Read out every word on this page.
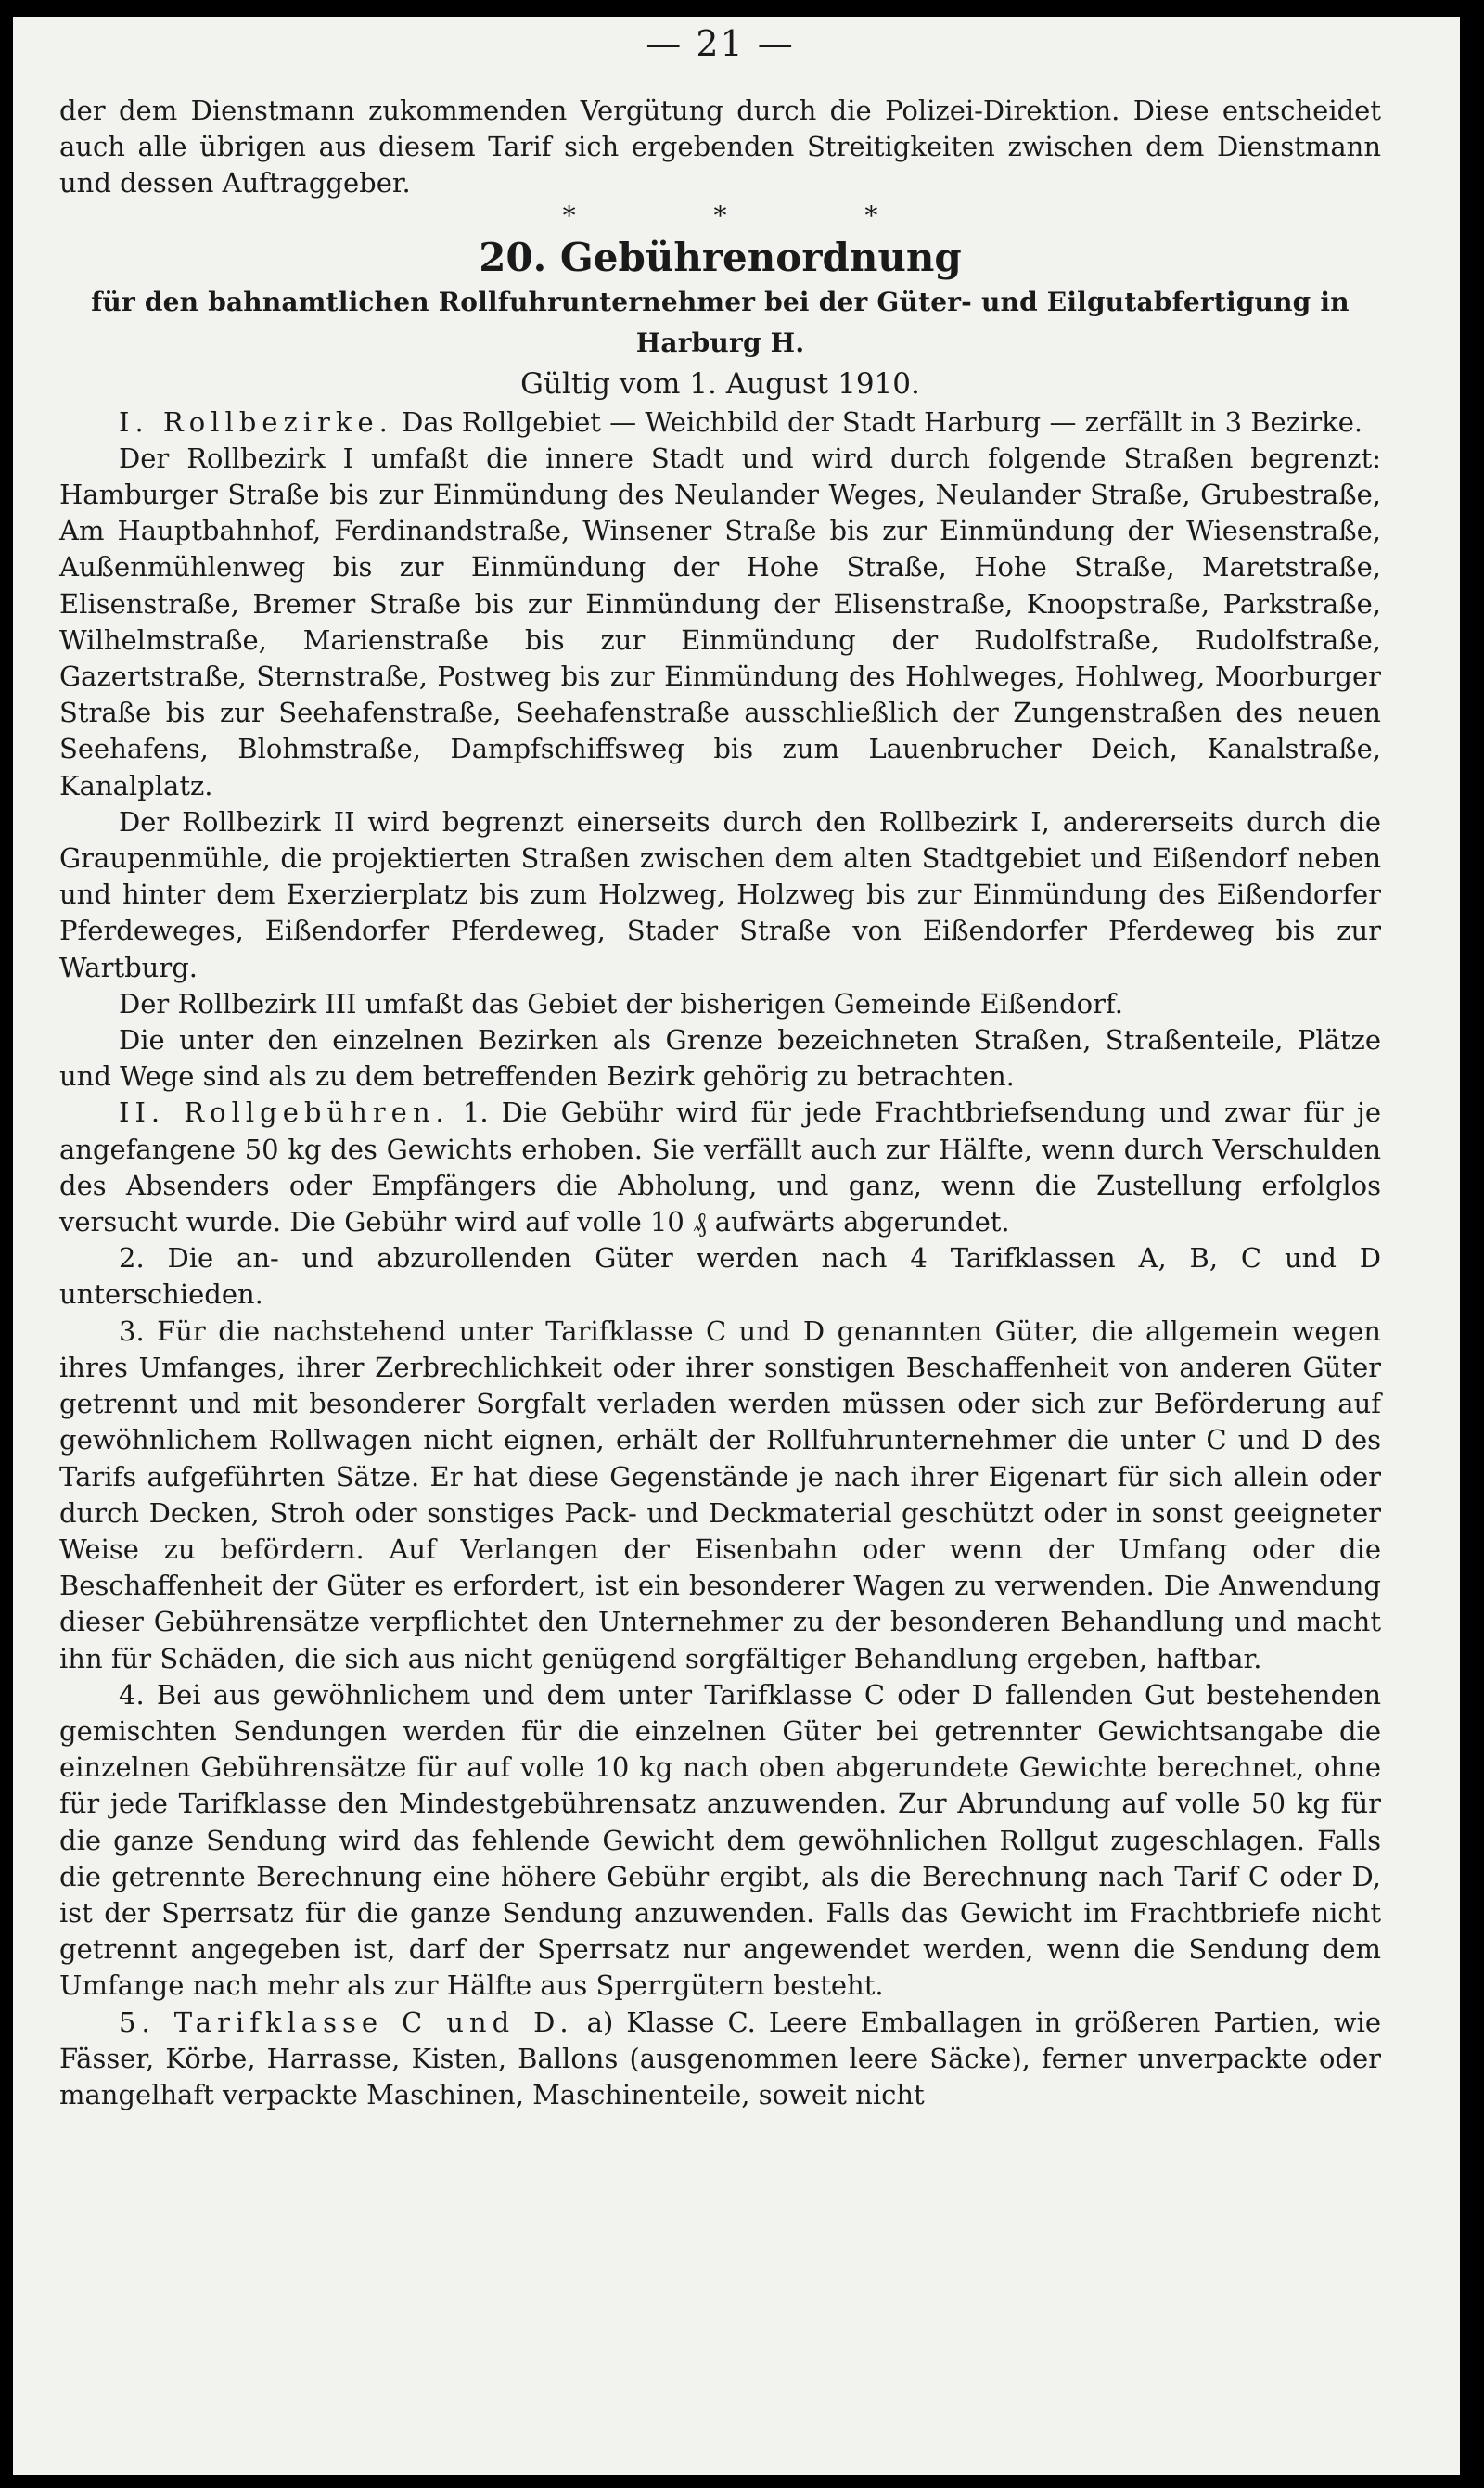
— 21 —

der dem Dienstmann zukommenden Vergütung durch die Polizei-Direktion. Diese entscheidet auch alle übrigen aus diesem Tarif sich ergebenden Streitigkeiten zwischen dem Dienstmann und dessen Auftraggeber.

* * *

20. Gebührenordnung

für den bahnamtlichen Rollfuhrunternehmer bei der Güter- und Eilgutabfertigung in Harburg H.

Gültig vom 1. August 1910.

I. Rollbezirke. Das Rollgebiet — Weichbild der Stadt Harburg — zerfällt in 3 Bezirke.

Der Rollbezirk I umfaßt die innere Stadt und wird durch folgende Straßen begrenzt: Hamburger Straße bis zur Einmündung des Neulander Weges, Neulander Straße, Grubestraße, Am Hauptbahnhof, Ferdinandstraße, Winsener Straße bis zur Einmündung der Wiesenstraße, Außenmühlenweg bis zur Einmündung der Hohe Straße, Hohe Straße, Maretstraße, Elisenstraße, Bremer Straße bis zur Einmündung der Elisenstraße, Knoopstraße, Parkstraße, Wilhelmstraße, Marienstraße bis zur Einmündung der Rudolfstraße, Rudolfstraße, Gazertstraße, Sternstraße, Postweg bis zur Einmündung des Hohlweges, Hohlweg, Moorburger Straße bis zur Seehafenstraße, Seehafenstraße ausschließlich der Zungenstraßen des neuen Seehafens, Blohmstraße, Dampfschiffsweg bis zum Lauenbrucher Deich, Kanalstraße, Kanalplatz.

Der Rollbezirk II wird begrenzt einerseits durch den Rollbezirk I, andererseits durch die Graupenmühle, die projektierten Straßen zwischen dem alten Stadtgebiet und Eißendorf neben und hinter dem Exerzierplatz bis zum Holzweg, Holzweg bis zur Einmündung des Eißendorfer Pferdeweges, Eißendorfer Pferdeweg, Stader Straße von Eißendorfer Pferdeweg bis zur Wartburg.

Der Rollbezirk III umfaßt das Gebiet der bisherigen Gemeinde Eißendorf.

Die unter den einzelnen Bezirken als Grenze bezeichneten Straßen, Straßenteile, Plätze und Wege sind als zu dem betreffenden Bezirk gehörig zu betrachten.

II. Rollgebühren. 1. Die Gebühr wird für jede Frachtbriefsendung und zwar für je angefangene 50 kg des Gewichts erhoben. Sie verfällt auch zur Hälfte, wenn durch Verschulden des Absenders oder Empfängers die Abholung, und ganz, wenn die Zustellung erfolglos versucht wurde. Die Gebühr wird auf volle 10 ₰ aufwärts abgerundet.

2. Die an- und abzurollenden Güter werden nach 4 Tarifklassen A, B, C und D unterschieden.

3. Für die nachstehend unter Tarifklasse C und D genannten Güter, die allgemein wegen ihres Umfanges, ihrer Zerbrechlichkeit oder ihrer sonstigen Beschaffenheit von anderen Güter getrennt und mit besonderer Sorgfalt verladen werden müssen oder sich zur Beförderung auf gewöhnlichem Rollwagen nicht eignen, erhält der Rollfuhrunternehmer die unter C und D des Tarifs aufgeführten Sätze. Er hat diese Gegenstände je nach ihrer Eigenart für sich allein oder durch Decken, Stroh oder sonstiges Pack- und Deckmaterial geschützt oder in sonst geeigneter Weise zu befördern. Auf Verlangen der Eisenbahn oder wenn der Umfang oder die Beschaffenheit der Güter es erfordert, ist ein besonderer Wagen zu verwenden. Die Anwendung dieser Gebührensätze verpflichtet den Unternehmer zu der besonderen Behandlung und macht ihn für Schäden, die sich aus nicht genügend sorgfältiger Behandlung ergeben, haftbar.

4. Bei aus gewöhnlichem und dem unter Tarifklasse C oder D fallenden Gut bestehenden gemischten Sendungen werden für die einzelnen Güter bei getrennter Gewichtsangabe die einzelnen Gebührensätze für auf volle 10 kg nach oben abgerundete Gewichte berechnet, ohne für jede Tarifklasse den Mindestgebührensatz anzuwenden. Zur Abrundung auf volle 50 kg für die ganze Sendung wird das fehlende Gewicht dem gewöhnlichen Rollgut zugeschlagen. Falls die getrennte Berechnung eine höhere Gebühr ergibt, als die Berechnung nach Tarif C oder D, ist der Sperrsatz für die ganze Sendung anzuwenden. Falls das Gewicht im Frachtbriefe nicht getrennt angegeben ist, darf der Sperrsatz nur angewendet werden, wenn die Sendung dem Umfange nach mehr als zur Hälfte aus Sperrgütern besteht.

5. Tarifklasse C und D. a) Klasse C. Leere Emballagen in größeren Partien, wie Fässer, Körbe, Harrasse, Kisten, Ballons (ausgenommen leere Säcke), ferner unverpackte oder mangelhaft verpackte Maschinen, Maschinenteile, soweit nicht
